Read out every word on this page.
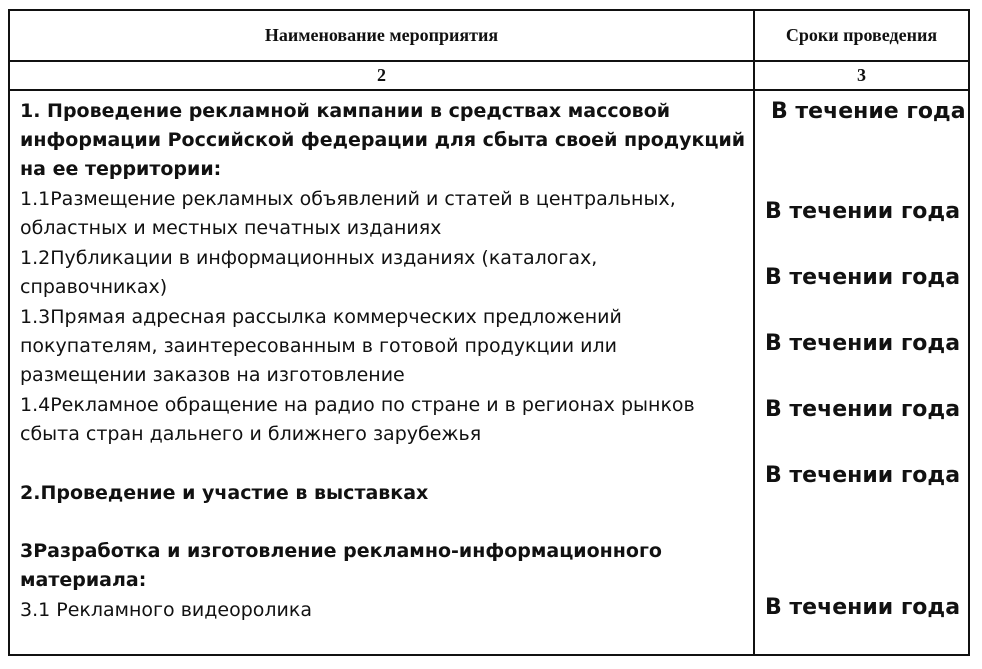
Наименование мероприятия	Сроки проведения
2	3
1. Проведение рекламной кампании в средствах массовой
информации Российской федерации для сбыта своей продукций
на ее территории:
1.1Размещение рекламных объявлений и статей в центральных,
областных и местных печатных изданиях
1.2Публикации в информационных изданиях (каталогах,
справочниках)
1.3Прямая адресная рассылка коммерческих предложений
покупателям, заинтересованным в готовой продукции или
размещении заказов на изготовление
1.4Рекламное обращение на радио по стране и в регионах рынков
сбыта стран дальнего и ближнего зарубежья
2.Проведение и участие в выставках
3Разработка и изготовление рекламно-информационного
материала:
3.1 Рекламного видеоролика
В течение года
В течении года
В течении года
В течении года
В течении года
В течении года
В течении года
